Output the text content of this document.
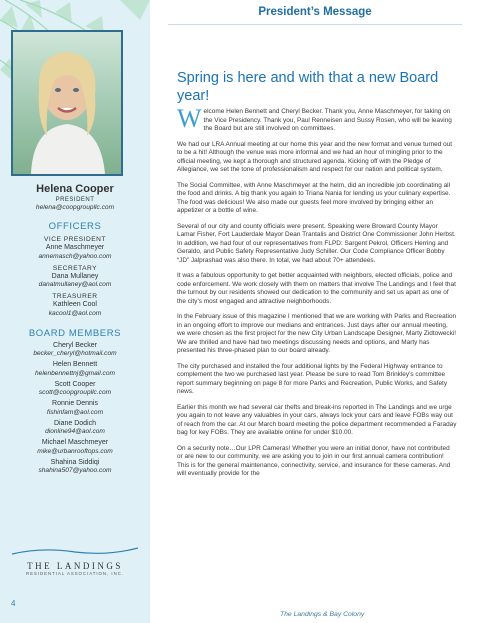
Helena Cooper
PRESIDENT
helena@coopgroupllc.com
OFFICERS
VICE PRESIDENT
Anne Maschmeyer
annemasch@yahoo.com
SECRETARY
Dana Mullaney
danatmullaney@aol.com
TREASURER
Kathleen Cool
kacool1@aol.com
BOARD MEMBERS
Cheryl Becker
becker_cheryl@hotmail.com
Helen Bennett
helenbennettnj@gmail.com
Scott Cooper
scott@coopgroupllc.com
Ronnie Dennis
fishinfam@aol.com
Diane Dodich
dionline94@aol.com
Michael Maschmeyer
mike@urbanrooftops.com
Shahina Siddiqi
shahina507@yahoo.com
THE LANDINGS
RESIDENTIAL ASSOCIATION, INC.
4
President’s Message
Spring is here and with that a new Board year!

Welcome Helen Bennett and Cheryl Becker. Thank you, Anne Maschmeyer, for taking on the Vice Presidency. Thank you, Paul Renneisen and Sussy Rosen, who will be leaving the Board but are still involved on committees.

We had our LRA Annual meeting at our home this year and the new format and venue turned out to be a hit! Although the venue was more informal and we had an hour of mingling prior to the official meeting, we kept a thorough and structured agenda. Kicking off with the Pledge of Allegiance, we set the tone of professionalism and respect for our nation and political system.

The Social Committee, with Anne Maschmeyer at the helm, did an incredible job coordinating all the food and drinks. A big thank you again to Triana Nania for lending us your culinary expertise. The food was delicious! We also made our guests feel more involved by bringing either an appetizer or a bottle of wine.

Several of our city and county officials were present. Speaking were Broward County Mayor Lamar Fisher, Fort Lauderdale Mayor Dean Trantalis and District One Commissioner John Herbst. In addition, we had four of our representatives from FLPD: Sargent Pekrol, Officers Herring and Geraldo, and Public Safety Representative Judy Schiller. Our Code Compliance Officer Bobby “JD” Jalprashad was also there. In total, we had about 70+ attendees.

It was a fabulous opportunity to get better acquainted with neighbors, elected officials, police and code enforcement. We work closely with them on matters that involve The Landings and I feel that the turnout by our residents showed our dedication to the community and set us apart as one of the city’s most engaged and attractive neighborhoods.

In the February issue of this magazine I mentioned that we are working with Parks and Recreation in an ongoing effort to improve our medians and entrances. Just days after our annual meeting, we were chosen as the first project for the new City Urban Landscape Designer, Marty Zidtowecki! We are thrilled and have had two meetings discussing needs and options, and Marty has presented his three-phased plan to our board already.

The city purchased and installed the four additional lights by the Federal Highway entrance to complement the two we purchased last year. Please be sure to read Tom Brinkley’s committee report summary beginning on page 8 for more Parks and Recreation, Public Works, and Safety news.

Earlier this month we had several car thefts and break-ins reported in The Landings and we urge you again to not leave any valuables in your cars, always lock your cars and leave FOBs way out of reach from the car. At our March board meeting the police department recommended a Faraday bag for key FOBs. They are available online for under $10.00.

On a security note…Our LPR Cameras! Whether you were an initial donor, have not contributed or are new to our community, we are asking you to join in our first annual camera contribution! This is for the general maintenance, connectivity, service, and insurance for these cameras. And will eventually provide for the

The Landings & Bay Colony
